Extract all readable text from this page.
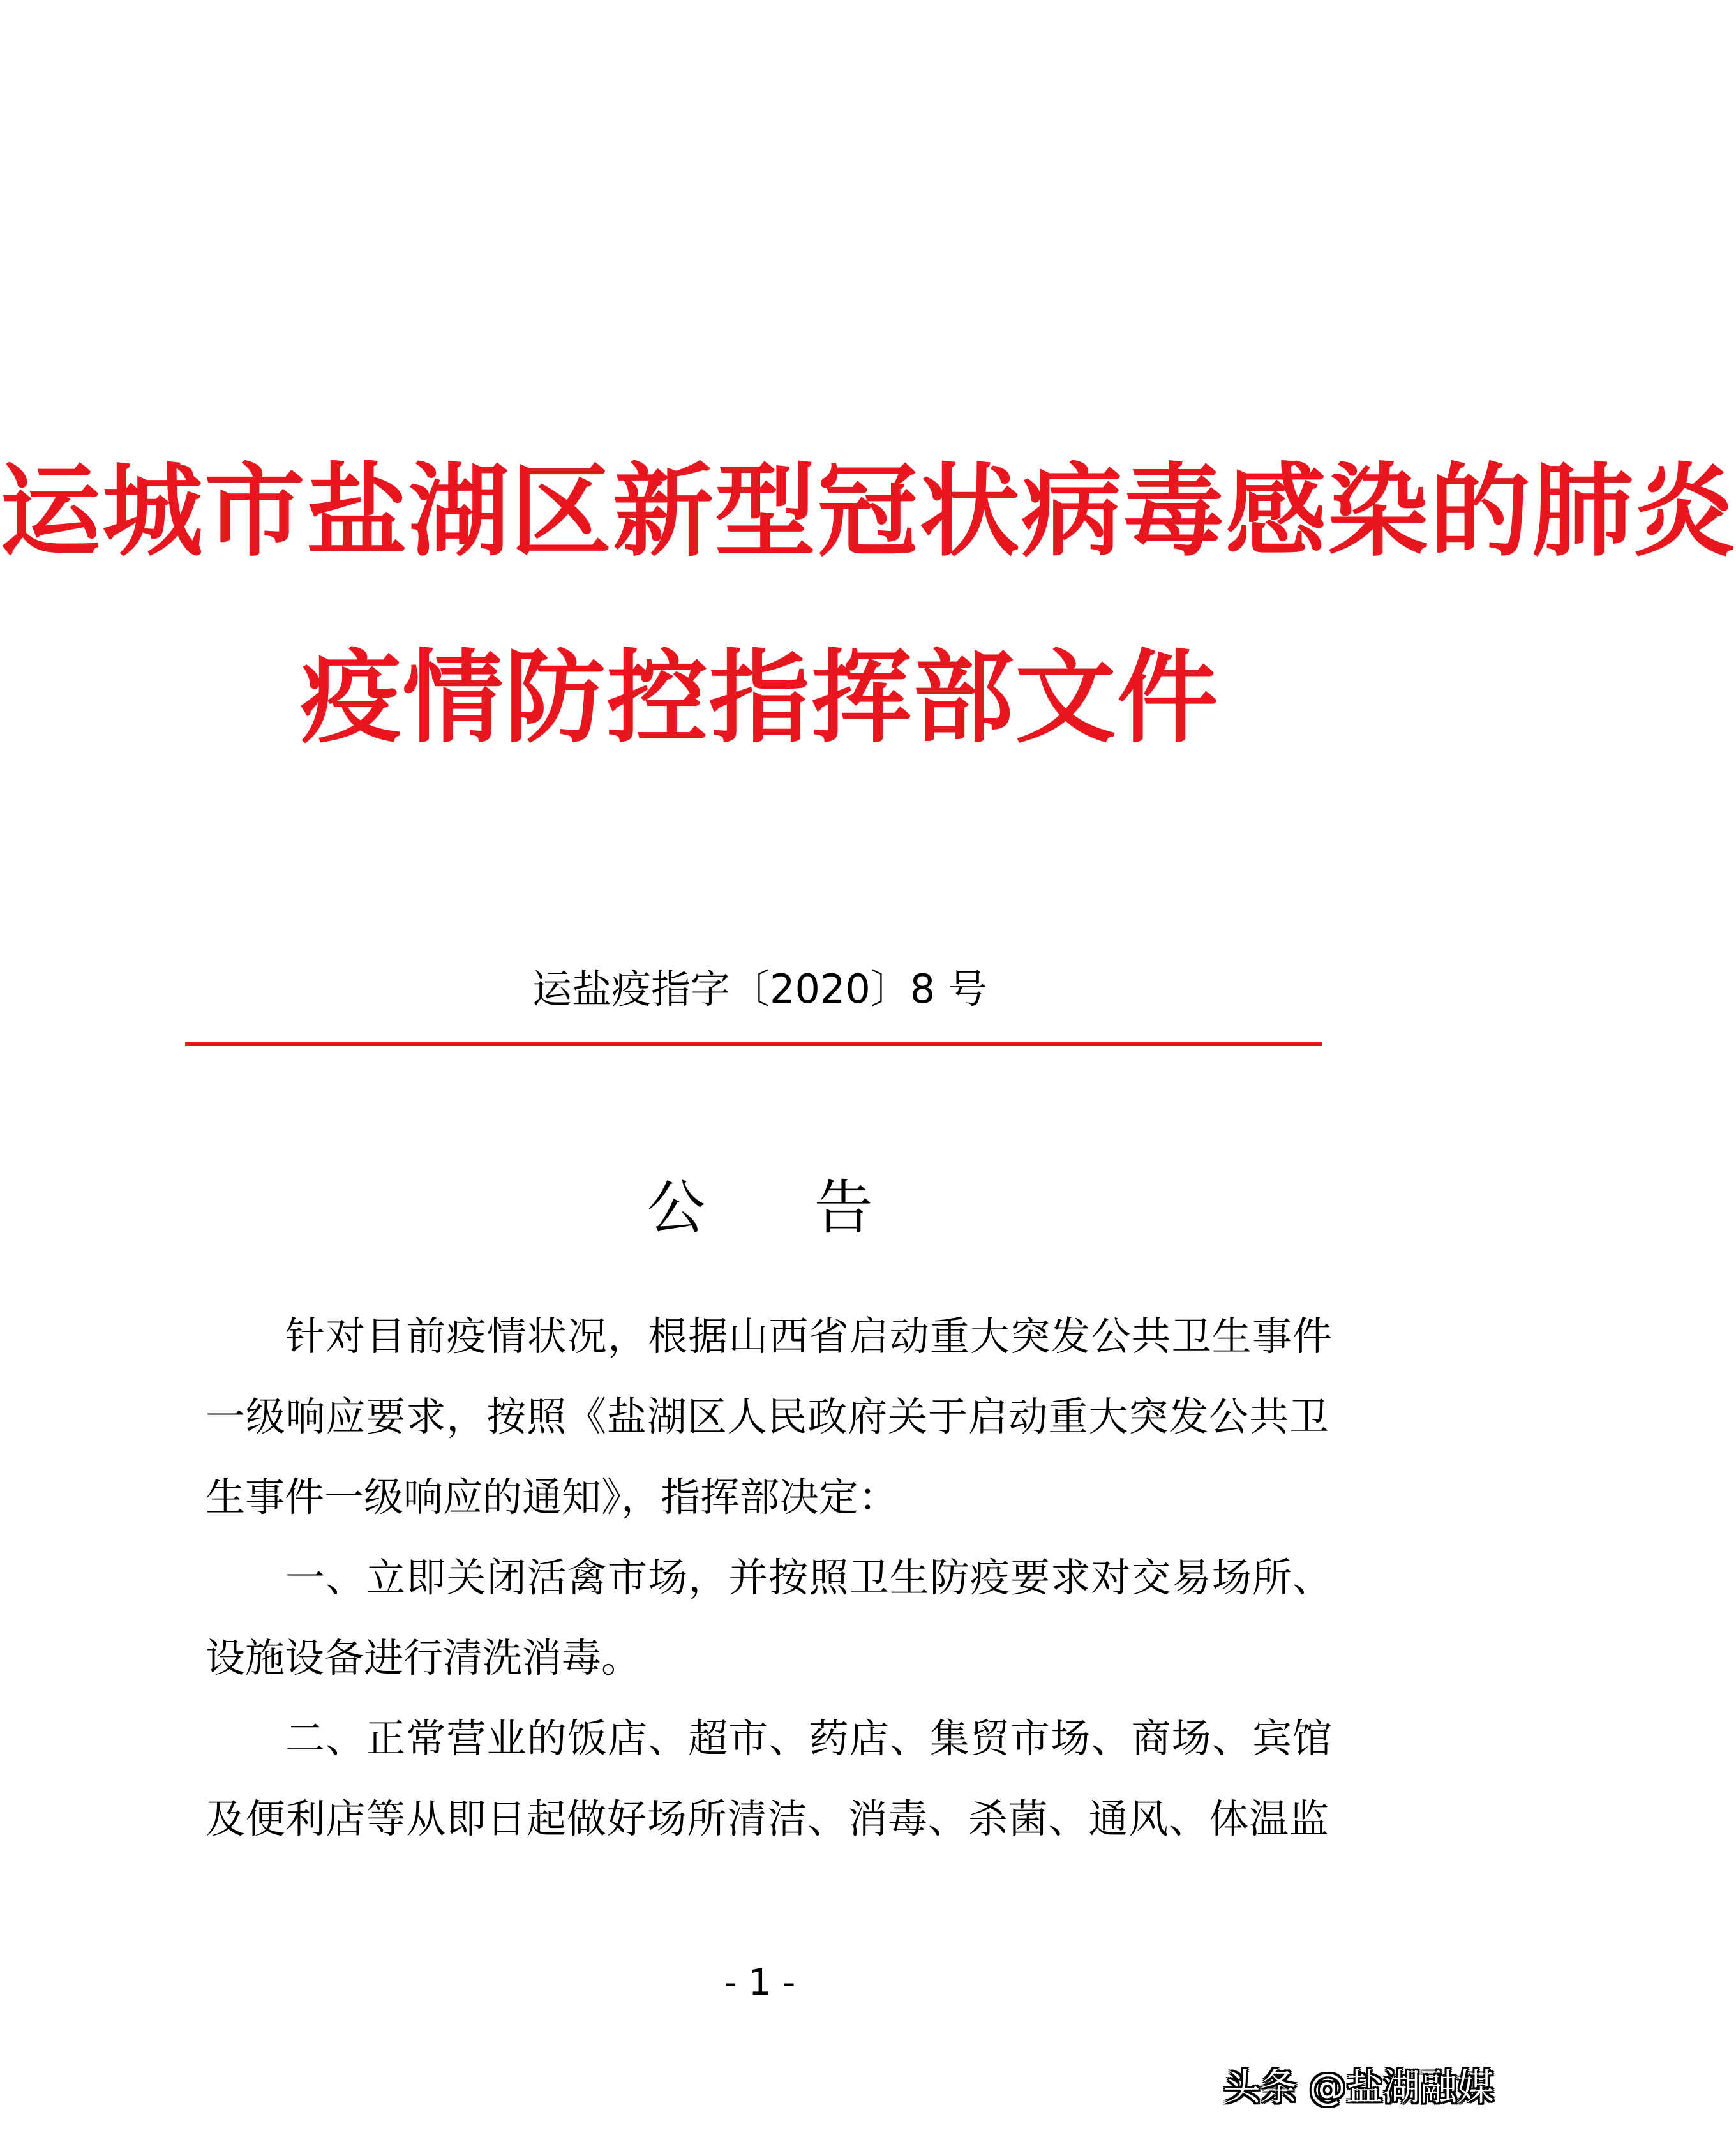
运城市盐湖区新型冠状病毒感染的肺炎
疫情防控指挥部文件
运盐疫指字〔2020〕8 号
公 告
针对目前疫情状况，根据山西省启动重大突发公共卫生事件
一级响应要求，按照《盐湖区人民政府关于启动重大突发公共卫
生事件一级响应的通知》，指挥部决定：
一、立即关闭活禽市场，并按照卫生防疫要求对交易场所、
设施设备进行清洗消毒。
二、正常营业的饭店、超市、药店、集贸市场、商场、宾馆
及便利店等从即日起做好场所清洁、消毒、杀菌、通风、体温监
- 1 -
头条 @盐湖融媒
